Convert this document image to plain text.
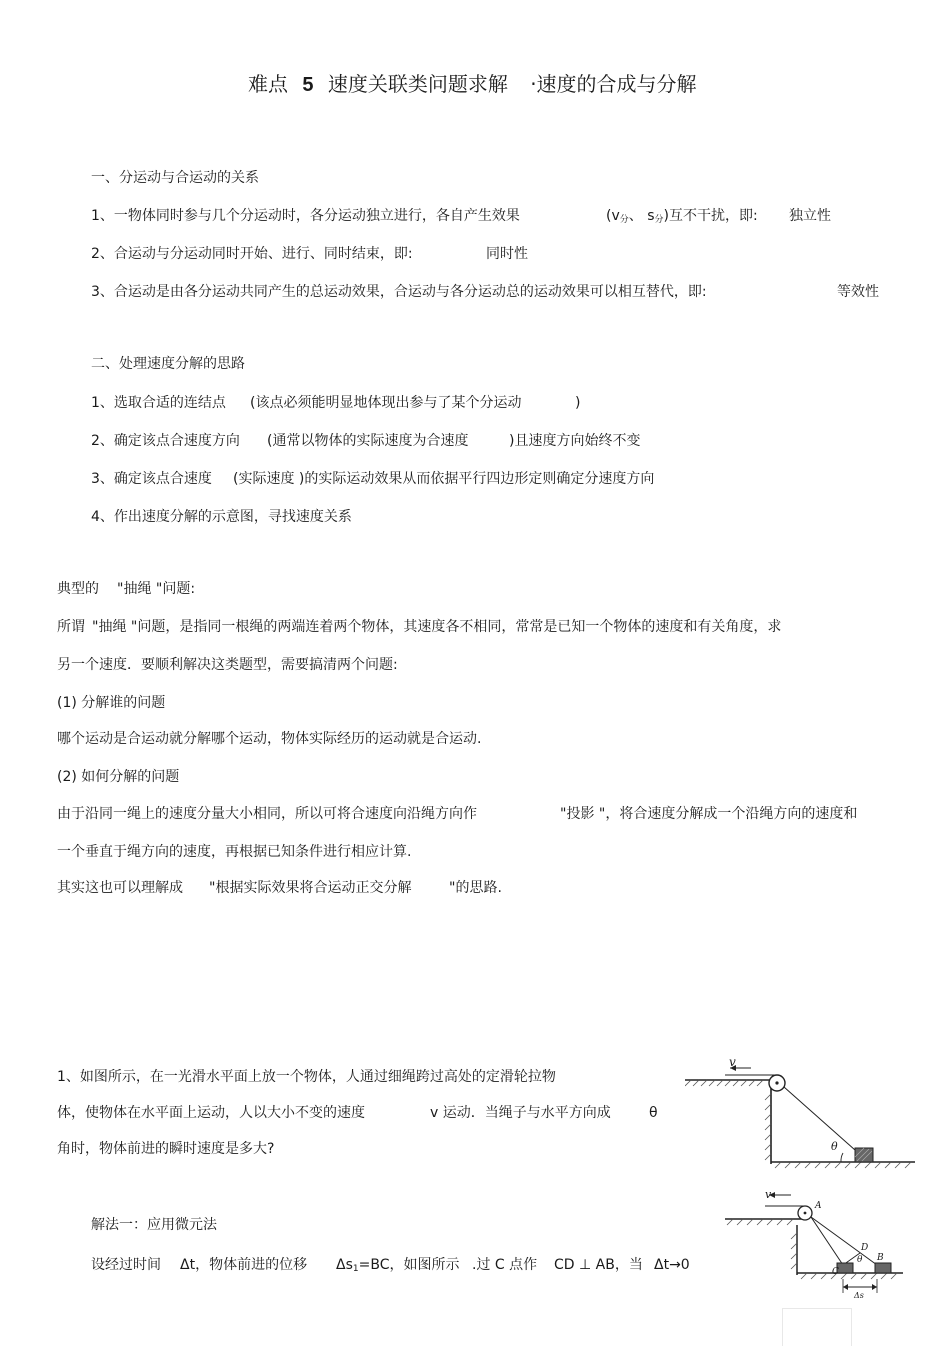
难点 5 速度关联类问题求解 ·速度的合成与分解
一、分运动与合运动的关系
1、一物体同时参与几个分运动时，各分运动独立进行，各自产生效果	($v_分$、 $s_分$)互不干扰，即: 独立性
2、合运动与分运动同时开始、进行、同时结束，即:	同时性
3、合运动是由各分运动共同产生的总运动效果，合运动与各分运动总的运动效果可以相互替代，即:	等效性
二、处理速度分解的思路
1、选取合适的连结点 (该点必须能明显地体现出参与了某个分运动	)
2、确定该点合速度方向 (通常以物体的实际速度为合速度	)且速度方向始终不变
3、确定该点合速度 (实际速度 )的实际运动效果从而依据平行四边形定则确定分速度方向
4、作出速度分解的示意图，寻找速度关系
典型的 "抽绳 "问题:
所谓 "抽绳 "问题，是指同一根绳的两端连着两个物体，其速度各不相同，常常是已知一个物体的速度和有关角度，求
另一个速度．要顺利解决这类题型，需要搞清两个问题:
(1) 分解谁的问题
哪个运动是合运动就分解哪个运动，物体实际经历的运动就是合运动.
(2) 如何分解的问题
由于沿同一绳上的速度分量大小相同，所以可将合速度向沿绳方向作	"投影 "，将合速度分解成一个沿绳方向的速度和
一个垂直于绳方向的速度，再根据已知条件进行相应计算.
其实这也可以理解成 "根据实际效果将合运动正交分解	"的思路.
1、如图所示，在一光滑水平面上放一个物体，人通过细绳跨过高处的定滑轮拉物
体，使物体在水平面上运动，人以大小不变的速度	v 运动．当绳子与水平方向成	θ
角时，物体前进的瞬时速度是多大?
解法一：应用微元法
设经过时间 Δt，物体前进的位移 $\Delta s_1=BC$，如图所示 .过 C 点作 CD ⊥ AB，当 Δt→0
v
θ
v
A
D
θ
C
B
Δs
